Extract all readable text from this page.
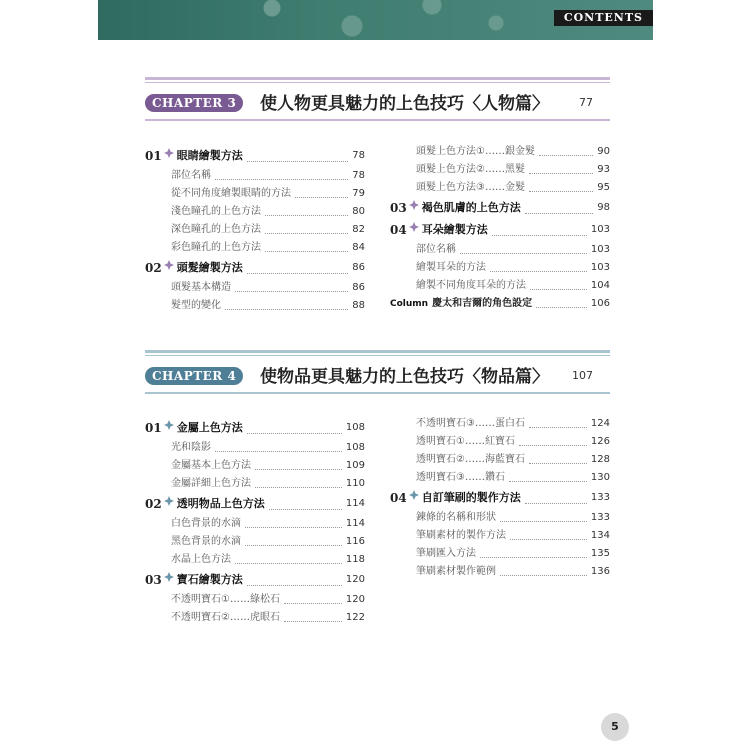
CONTENTS
CHAPTER 3	使人物更具魅力的上色技巧〈人物篇〉	77
01 眼睛繪製方法	78
部位名稱	78
從不同角度繪製眼睛的方法	79
淺色瞳孔的上色方法	80
深色瞳孔的上色方法	82
彩色瞳孔的上色方法	84
02 頭髮繪製方法	86
頭髮基本構造	86
髮型的變化	88
頭髮上色方法①……銀金髮	90
頭髮上色方法②……黑髮	93
頭髮上色方法③……金髮	95
03 褐色肌膚的上色方法	98
04 耳朵繪製方法	103
部位名稱	103
繪製耳朵的方法	103
繪製不同角度耳朵的方法	104
Column 慶太和吉爾的角色設定	106
CHAPTER 4	使物品更具魅力的上色技巧〈物品篇〉 107
01 金屬上色方法	108
光和陰影	108
金屬基本上色方法	109
金屬詳細上色方法	110
02 透明物品上色方法	114
白色背景的水滴	114
黑色背景的水滴	116
水晶上色方法	118
03 寶石繪製方法	120
不透明寶石①……綠松石	120
不透明寶石②……虎眼石	122
不透明寶石③……蛋白石	124
透明寶石①……紅寶石	126
透明寶石②……海藍寶石	128
透明寶石③……鑽石	130
04 自訂筆刷的製作方法	133
鍊條的名稱和形狀	133
筆刷素材的製作方法	134
筆刷匯入方法	135
筆刷素材製作範例	136
5
